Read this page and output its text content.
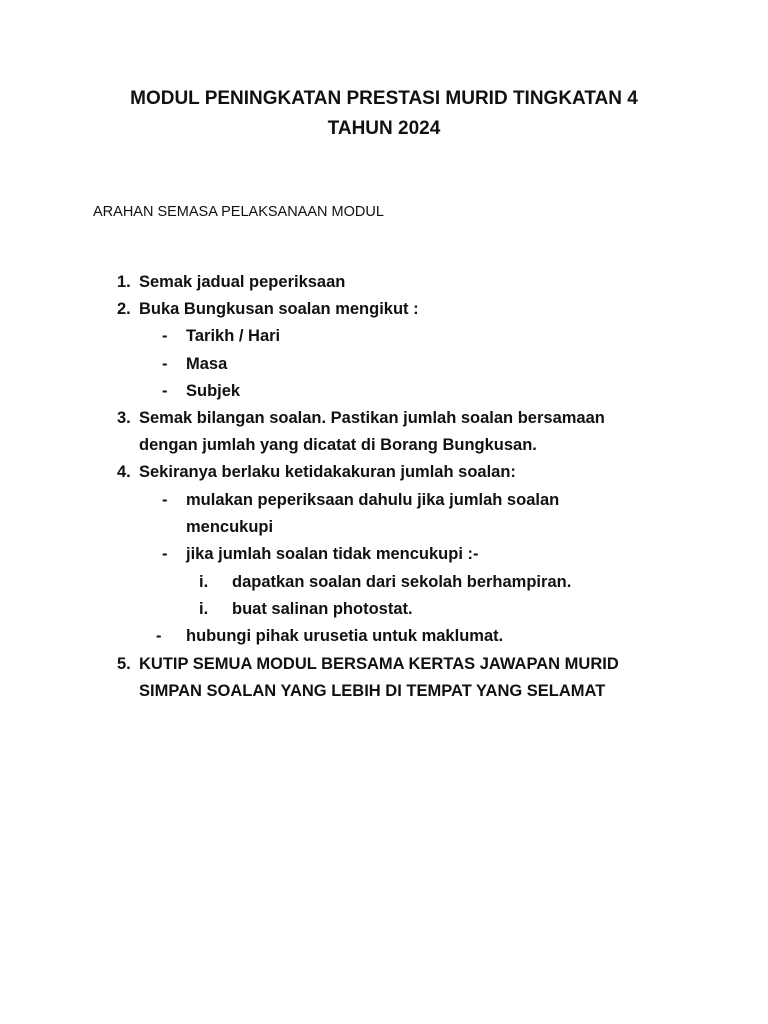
MODUL PENINGKATAN PRESTASI MURID TINGKATAN 4
TAHUN 2024

ARAHAN SEMASA PELAKSANAAN MODUL

1. Semak jadual peperiksaan
2. Buka Bungkusan soalan mengikut :
- Tarikh / Hari
- Masa
- Subjek
3. Semak bilangan soalan. Pastikan jumlah soalan bersamaan
dengan jumlah yang dicatat di Borang Bungkusan.
4. Sekiranya berlaku ketidakakuran jumlah soalan:
- mulakan peperiksaan dahulu jika jumlah soalan
mencukupi
- jika jumlah soalan tidak mencukupi :-
i. dapatkan soalan dari sekolah berhampiran.
i. buat salinan photostat.
- hubungi pihak urusetia untuk maklumat.
5. KUTIP SEMUA MODUL BERSAMA KERTAS JAWAPAN MURID
SIMPAN SOALAN YANG LEBIH DI TEMPAT YANG SELAMAT
